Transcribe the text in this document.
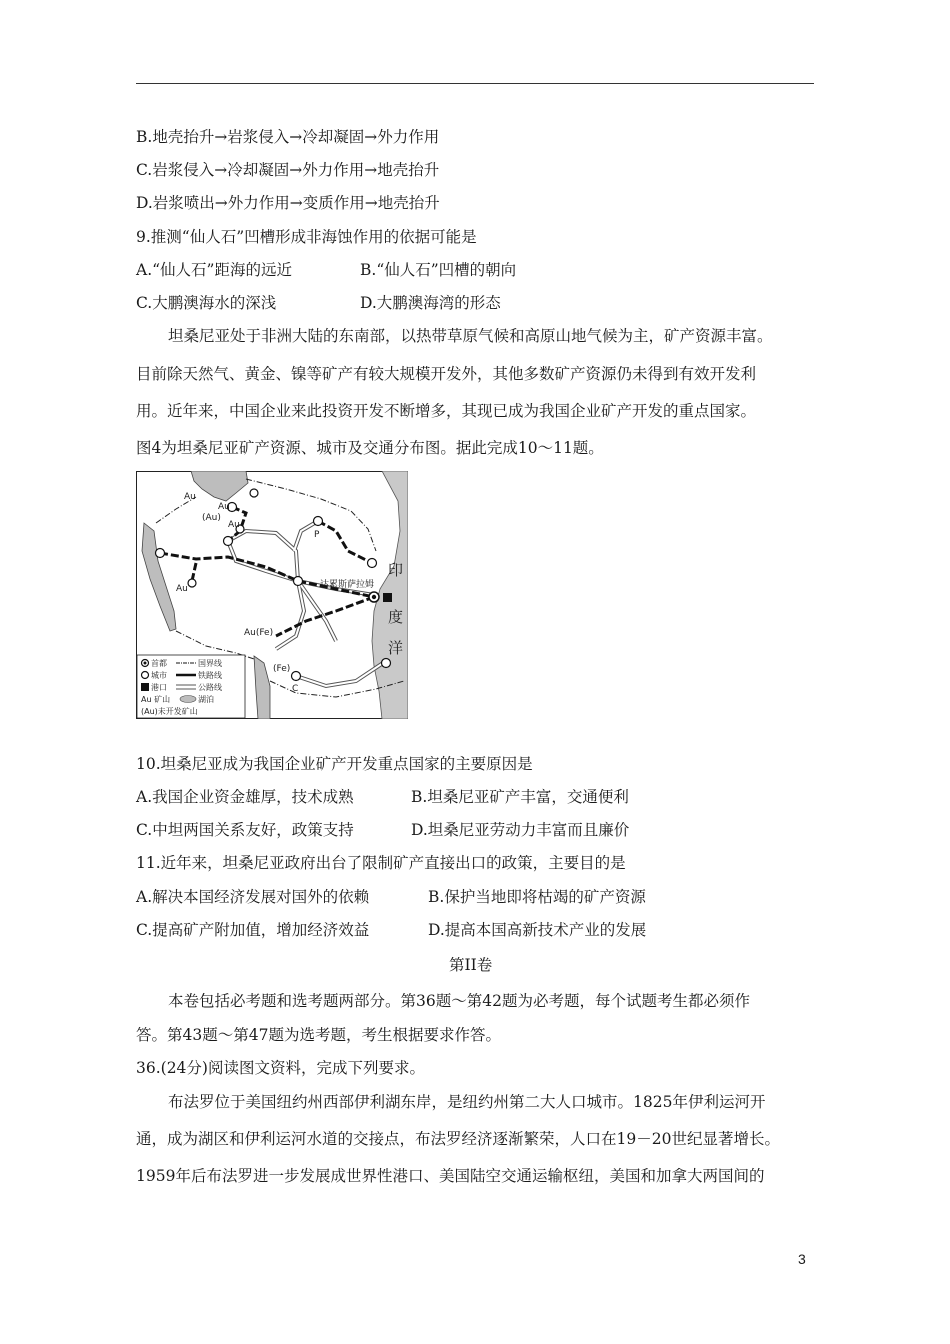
B.地壳抬升→岩浆侵入→冷却凝固→外力作用
C.岩浆侵入→冷却凝固→外力作用→地壳抬升
D.岩浆喷出→外力作用→变质作用→地壳抬升
9.推测“仙人石”凹槽形成非海蚀作用的依据可能是
A.“仙人石”距海的远近	B.“仙人石”凹槽的朝向
C.大鹏澳海水的深浅	D.大鹏澳海湾的形态
坦桑尼亚处于非洲大陆的东南部，以热带草原气候和高原山地气候为主，矿产资源丰富。
目前除天然气、黄金、镍等矿产有较大规模开发外，其他多数矿产资源仍未得到有效开发利
用。近年来，中国企业来此投资开发不断增多，其现已成为我国企业矿产开发的重点国家。
图4为坦桑尼亚矿产资源、城市及交通分布图。据此完成10～11题。
Au
Au
(Au)
Au
Au
Au(Fe)
(Fe)
P
C
达累斯萨拉姆
印
度
洋
首都	国界线
城市	铁路线
港口	公路线
Au 矿山	湖泊
(Au)未开发矿山
10.坦桑尼亚成为我国企业矿产开发重点国家的主要原因是
A.我国企业资金雄厚，技术成熟	B.坦桑尼亚矿产丰富，交通便利
C.中坦两国关系友好，政策支持	D.坦桑尼亚劳动力丰富而且廉价
11.近年来，坦桑尼亚政府出台了限制矿产直接出口的政策，主要目的是
A.解决本国经济发展对国外的依赖	B.保护当地即将枯竭的矿产资源
C.提高矿产附加值，增加经济效益	D.提高本国高新技术产业的发展
第II卷
本卷包括必考题和选考题两部分。第36题～第42题为必考题，每个试题考生都必须作
答。第43题～第47题为选考题，考生根据要求作答。
36.(24分)阅读图文资料，完成下列要求。
布法罗位于美国纽约州西部伊利湖东岸，是纽约州第二大人口城市。1825年伊利运河开
通，成为湖区和伊利运河水道的交接点，布法罗经济逐渐繁荣，人口在19－20世纪显著增长。
1959年后布法罗进一步发展成世界性港口、美国陆空交通运输枢纽，美国和加拿大两国间的
3
